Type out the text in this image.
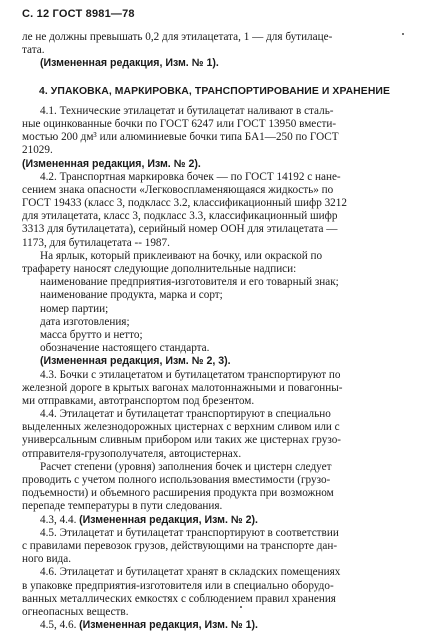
С. 12 ГОСТ 8981—78
ле не должны превышать 0,2 для этилацетата, 1 — для бутилаце-
тата.
(Измененная редакция, Изм. № 1).
4. УПАКОВКА, МАРКИРОВКА, ТРАНСПОРТИРОВАНИЕ И ХРАНЕНИЕ
4.1. Технические этилацетат и бутилацетат наливают в сталь-
ные оцинкованные бочки по ГОСТ 6247 или ГОСТ 13950 вмести-
мостью 200 дм³ или алюминиевые бочки типа БА1—250 по ГОСТ
21029.
(Измененная редакция, Изм. № 2).
4.2. Транспортная маркировка бочек — по ГОСТ 14192 с нане-
сением знака опасности «Легковоспламеняющаяся жидкость» по
ГОСТ 19433 (класс 3, подкласс 3.2, классификационный шифр 3212
для этилацетата, класс 3, подкласс 3.3, классификационный шифр
3313 для бутилацетата), серийный номер ООН для этилацетата —
1173, для бутилацетата -- 1987.
На ярлык, который приклеивают на бочку, или окраской по
трафарету наносят следующие дополнительные надписи:
наименование предприятия-изготовителя и его товарный знак;
наименование продукта, марка и сорт;
номер партии;
дата изготовления;
масса брутто и нетто;
обозначение настоящего стандарта.
(Измененная редакция, Изм. № 2, 3).
4.3. Бочки с этилацетатом и бутилацетатом транспортируют по
железной дороге в крытых вагонах малотоннажными и повагонны-
ми отправками, автотранспортом под брезентом.
4.4. Этилацетат и бутилацетат транспортируют в специально
выделенных железнодорожных цистернах с верхним сливом или с
универсальным сливным прибором или таких же цистернах грузо-
отправителя-грузополучателя, автоцистернах.
Расчет степени (уровня) заполнения бочек и цистерн следует
проводить с учетом полного использования вместимости (грузо-
подъемности) и объемного расширения продукта при возможном
перепаде температуры в пути следования.
4.3, 4.4. (Измененная редакция, Изм. № 2).
4.5. Этилацетат и бутилацетат транспортируют в соответствии
с правилами перевозок грузов, действующими на транспорте дан-
ного вида.
4.6. Этилацетат и бутилацетат хранят в складских помещениях
в упаковке предприятия-изготовителя или в специально оборудо-
ванных металлических емкостях с соблюдением правил хранения
огнеопасных веществ.
4.5, 4.6. (Измененная редакция, Изм. № 1).
